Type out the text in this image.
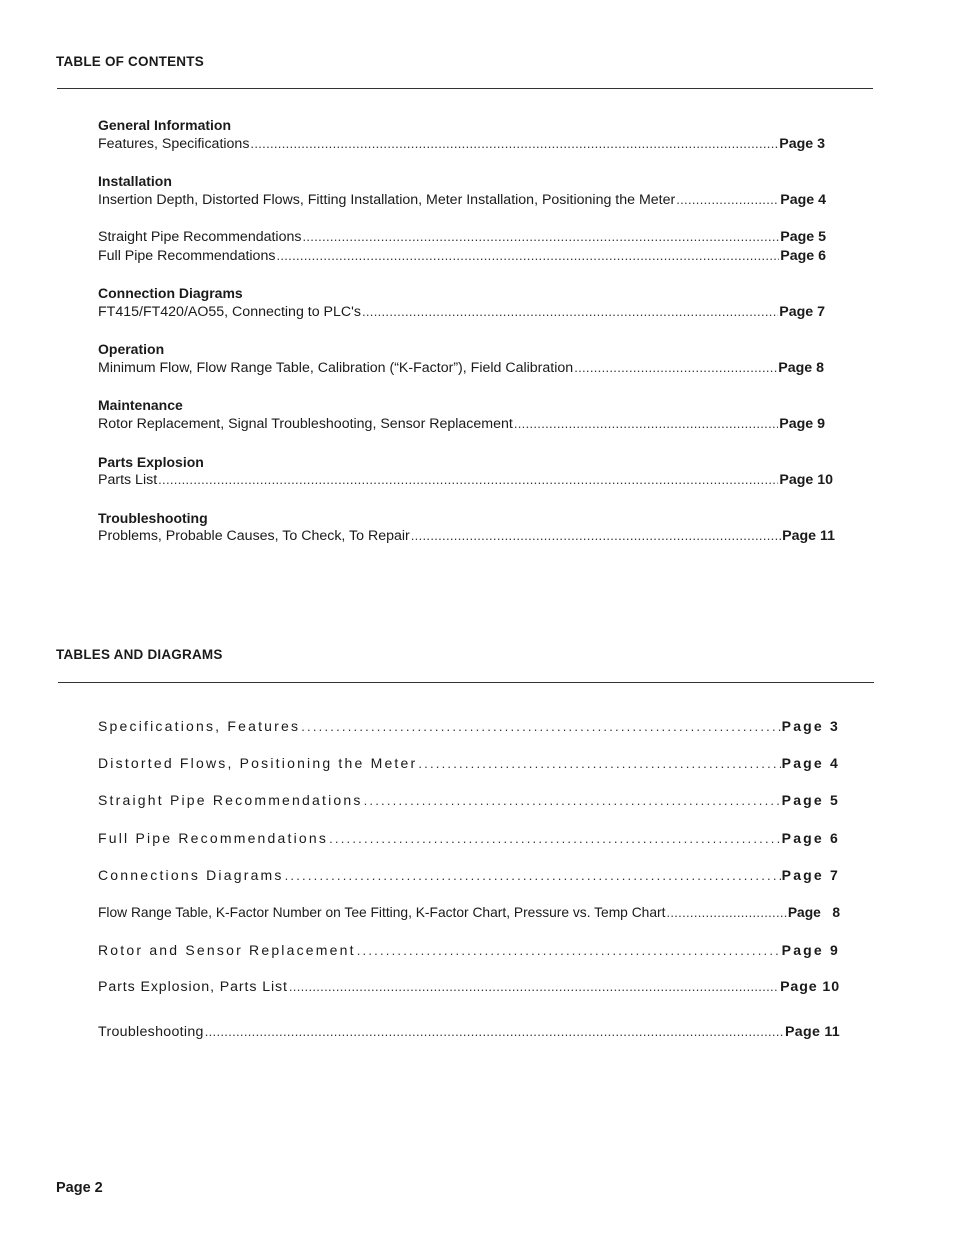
TABLE OF CONTENTS
General Information
Features, Specifications .....	Page 3
Installation
Insertion Depth, Distorted Flows, Fitting Installation, Meter Installation, Positioning the Meter .....	Page 4
Straight Pipe Recommendations .....	Page 5
Full Pipe Recommendations .....	Page 6
Connection Diagrams
FT415/FT420/AO55, Connecting to PLC's .....	Page 7
Operation
Minimum Flow, Flow Range Table, Calibration (“K-Factor”), Field Calibration .....	Page 8
Maintenance
Rotor Replacement, Signal Troubleshooting, Sensor Replacement .....	Page 9
Parts Explosion
Parts List .....	Page 10
Troubleshooting
Problems, Probable Causes, To Check, To Repair .....	Page 11
TABLES AND DIAGRAMS
Specifications, Features .....	Page 3
Distorted Flows, Positioning the Meter .....	Page 4
Straight Pipe Recommendations .....	Page 5
Full Pipe Recommendations .....	Page 6
Connections Diagrams .....	Page 7
Flow Range Table, K-Factor Number on Tee Fitting, K-Factor Chart, Pressure vs. Temp Chart .....	Page   8
Rotor and Sensor Replacement .....	Page 9
Parts Explosion, Parts List .....	Page 10
Troubleshooting .....	Page 11
Page 2
